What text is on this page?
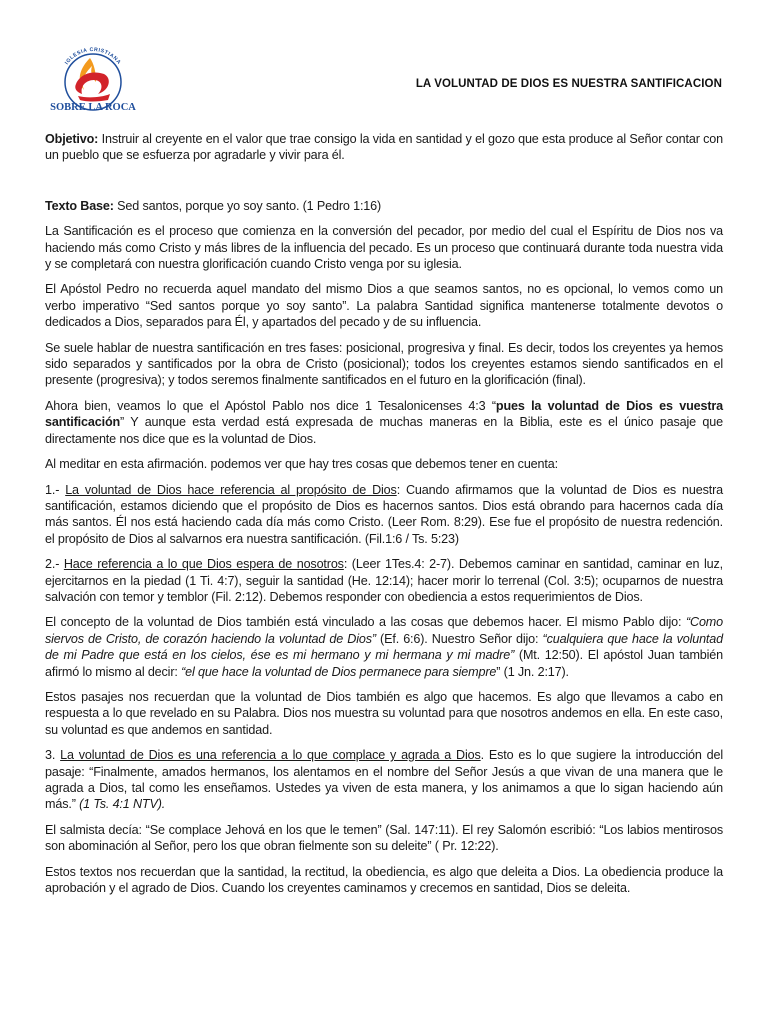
IGLESIA CRISTIANA
SOBRE LA ROCA
LA VOLUNTAD DE DIOS ES NUESTRA SANTIFICACION

Objetivo: Instruir al creyente en el valor que trae consigo la vida en santidad y el gozo que esta produce al Señor contar con un pueblo que se esfuerza por agradarle y vivir para él.

Texto Base: Sed santos, porque yo soy santo. (1 Pedro 1:16)

La Santificación es el proceso que comienza en la conversión del pecador, por medio del cual el Espíritu de Dios nos va haciendo más como Cristo y más libres de la influencia del pecado. Es un proceso que continuará durante toda nuestra vida y se completará con nuestra glorificación cuando Cristo venga por su iglesia.

El Apóstol Pedro no recuerda aquel mandato del mismo Dios a que seamos santos, no es opcional, lo vemos como un verbo imperativo “Sed santos porque yo soy santo”. La palabra Santidad significa mantenerse totalmente devotos o dedicados a Dios, separados para Él, y apartados del pecado y de su influencia.

Se suele hablar de nuestra santificación en tres fases: posicional, progresiva y final. Es decir, todos los creyentes ya hemos sido separados y santificados por la obra de Cristo (posicional); todos los creyentes estamos siendo santificados en el presente (progresiva); y todos seremos finalmente santificados en el futuro en la glorificación (final).

Ahora bien, veamos lo que el Apóstol Pablo nos dice 1 Tesalonicenses 4:3 “pues la voluntad de Dios es vuestra santificación” Y aunque esta verdad está expresada de muchas maneras en la Biblia, este es el único pasaje que directamente nos dice que es la voluntad de Dios.

Al meditar en esta afirmación. podemos ver que hay tres cosas que debemos tener en cuenta:

1.- La voluntad de Dios hace referencia al propósito de Dios: Cuando afirmamos que la voluntad de Dios es nuestra santificación, estamos diciendo que el propósito de Dios es hacernos santos. Dios está obrando para hacernos cada día más santos. Él nos está haciendo cada día más como Cristo. (Leer Rom. 8:29). Ese fue el propósito de nuestra redención. el propósito de Dios al salvarnos era nuestra santificación. (Fil.1:6 / Ts. 5:23)

2.- Hace referencia a lo que Dios espera de nosotros: (Leer 1Tes.4: 2-7). Debemos caminar en santidad, caminar en luz, ejercitarnos en la piedad (1 Ti. 4:7), seguir la santidad (He. 12:14); hacer morir lo terrenal (Col. 3:5); ocuparnos de nuestra salvación con temor y temblor (Fil. 2:12). Debemos responder con obediencia a estos requerimientos de Dios.

El concepto de la voluntad de Dios también está vinculado a las cosas que debemos hacer. El mismo Pablo dijo: “Como siervos de Cristo, de corazón haciendo la voluntad de Dios” (Ef. 6:6). Nuestro Señor dijo: “cualquiera que hace la voluntad de mi Padre que está en los cielos, ése es mi hermano y mi hermana y mi madre” (Mt. 12:50). El apóstol Juan también afirmó lo mismo al decir: “el que hace la voluntad de Dios permanece para siempre” (1 Jn. 2:17).

Estos pasajes nos recuerdan que la voluntad de Dios también es algo que hacemos. Es algo que llevamos a cabo en respuesta a lo que revelado en su Palabra. Dios nos muestra su voluntad para que nosotros andemos en ella. En este caso, su voluntad es que andemos en santidad.

3. La voluntad de Dios es una referencia a lo que complace y agrada a Dios. Esto es lo que sugiere la introducción del pasaje: “Finalmente, amados hermanos, los alentamos en el nombre del Señor Jesús a que vivan de una manera que le agrada a Dios, tal como les enseñamos. Ustedes ya viven de esta manera, y los animamos a que lo sigan haciendo aún más.” (1 Ts. 4:1 NTV).

El salmista decía: “Se complace Jehová en los que le temen” (Sal. 147:11). El rey Salomón escribió: “Los labios mentirosos son abominación al Señor, pero los que obran fielmente son su deleite” ( Pr. 12:22).

Estos textos nos recuerdan que la santidad, la rectitud, la obediencia, es algo que deleita a Dios. La obediencia produce la aprobación y el agrado de Dios. Cuando los creyentes caminamos y crecemos en santidad, Dios se deleita.
